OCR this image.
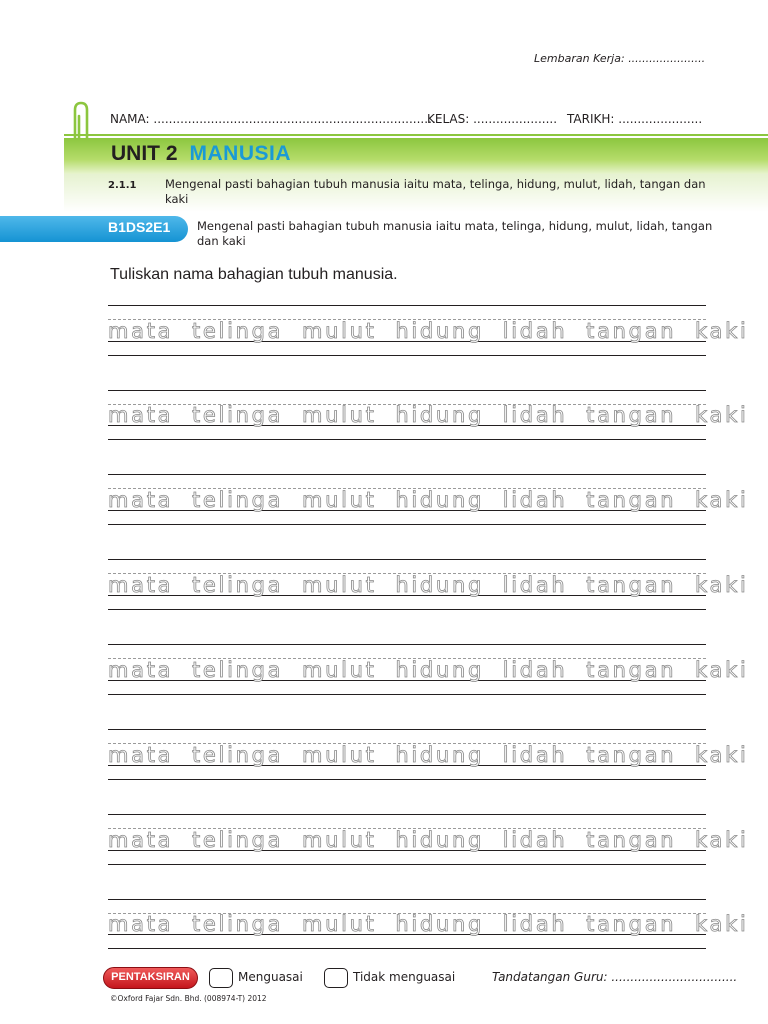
Lembaran Kerja: ......................
NAMA: ..........................................................................
KELAS: ...................... TARIKH: ......................
UNIT 2 MANUSIA
2.1.1 Mengenal pasti bahagian tubuh manusia iaitu mata, telinga, hidung, mulut, lidah, tangan dan kaki
B1DS2E1 Mengenal pasti bahagian tubuh manusia iaitu mata, telinga, hidung, mulut, lidah, tangan dan kaki
Tuliskan nama bahagian tubuh manusia.
mata  telinga  mulut  hidung  lidah  tangan  kaki
mata  telinga  mulut  hidung  lidah  tangan  kaki
mata  telinga  mulut  hidung  lidah  tangan  kaki
mata  telinga  mulut  hidung  lidah  tangan  kaki
mata  telinga  mulut  hidung  lidah  tangan  kaki
mata  telinga  mulut  hidung  lidah  tangan  kaki
mata  telinga  mulut  hidung  lidah  tangan  kaki
mata  telinga  mulut  hidung  lidah  tangan  kaki
PENTAKSIRAN	Menguasai	Tidak menguasai	Tandatangan Guru: .................................
©Oxford Fajar Sdn. Bhd. (008974-T) 2012
